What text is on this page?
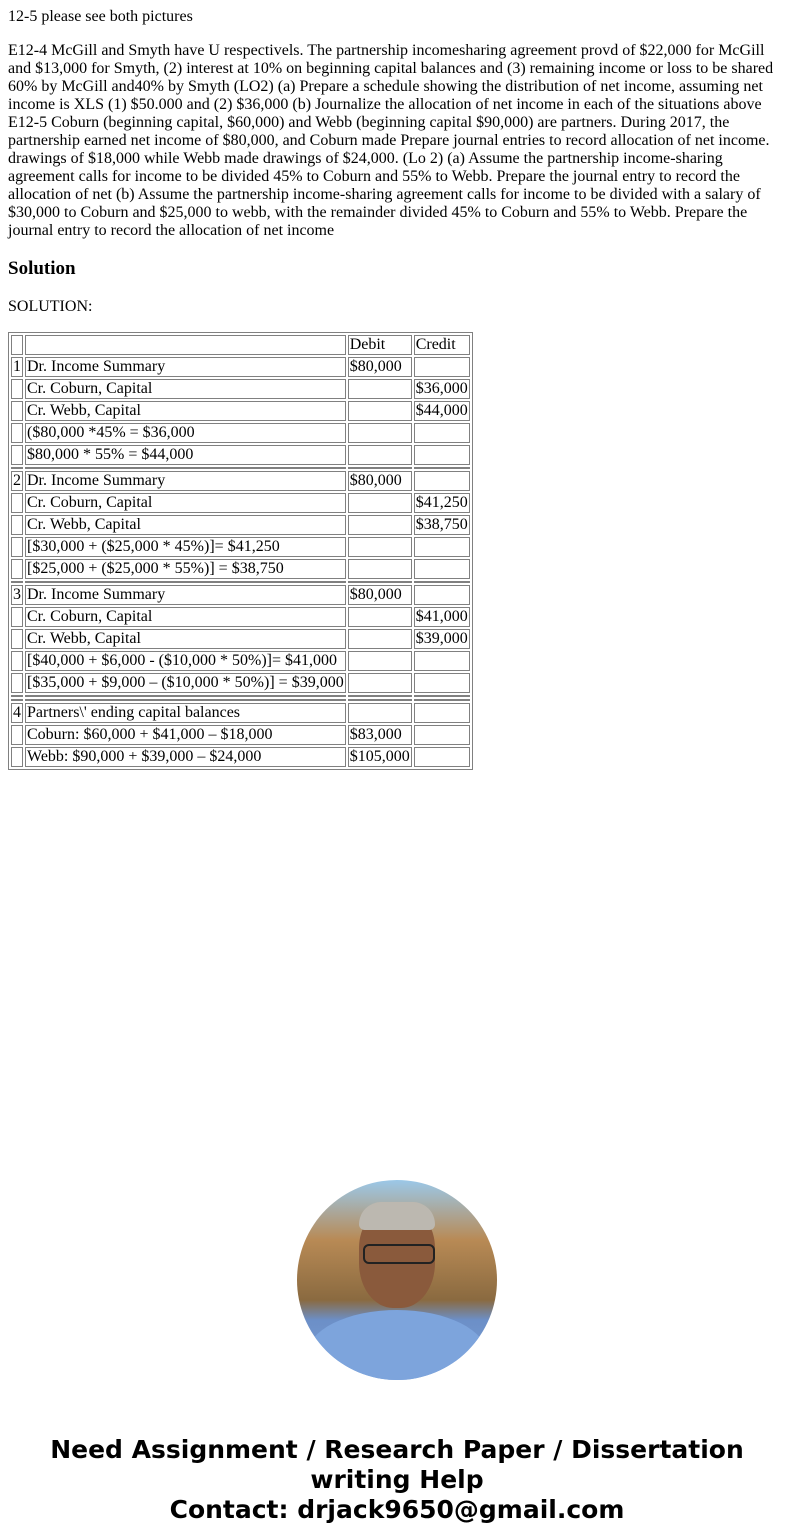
12-5 please see both pictures

E12-4 McGill and Smyth have U respectivels. The partnership incomesharing agreement provd of $22,000 for McGill and $13,000 for Smyth, (2) interest at 10% on beginning capital balances and (3) remaining income or loss to be shared 60% by McGill and40% by Smyth (LO2) (a) Prepare a schedule showing the distribution of net income, assuming net income is XLS (1) $50.000 and (2) $36,000 (b) Journalize the allocation of net income in each of the situations above E12-5 Coburn (beginning capital, $60,000) and Webb (beginning capital $90,000) are partners. During 2017, the partnership earned net income of $80,000, and Coburn made Prepare journal entries to record allocation of net income. drawings of $18,000 while Webb made drawings of $24,000. (Lo 2) (a) Assume the partnership income-sharing agreement calls for income to be divided 45% to Coburn and 55% to Webb. Prepare the journal entry to record the allocation of net (b) Assume the partnership income-sharing agreement calls for income to be divided with a salary of $30,000 to Coburn and $25,000 to webb, with the remainder divided 45% to Coburn and 55% to Webb. Prepare the journal entry to record the allocation of net income

Solution

SOLUTION:

		Debit	Credit
1	Dr. Income Summary	$80,000	
	Cr. Coburn, Capital		$36,000
	Cr. Webb, Capital		$44,000
	($80,000 *45% = $36,000		
	$80,000 * 55% = $44,000		

2	Dr. Income Summary	$80,000	
	Cr. Coburn, Capital		$41,250
	Cr. Webb, Capital		$38,750
	[$30,000 + ($25,000 * 45%)]= $41,250		
	[$25,000 + ($25,000 * 55%)] = $38,750		

3	Dr. Income Summary	$80,000	
	Cr. Coburn, Capital		$41,000
	Cr. Webb, Capital		$39,000
	[$40,000 + $6,000 - ($10,000 * 50%)]= $41,000		
	[$35,000 + $9,000 – ($10,000 * 50%)] = $39,000		

4	Partners\' ending capital balances		
	Coburn: $60,000 + $41,000 – $18,000	$83,000	
	Webb: $90,000 + $39,000 – $24,000	$105,000	
Need Assignment / Research Paper / Dissertation
writing Help
Contact: drjack9650@gmail.com
